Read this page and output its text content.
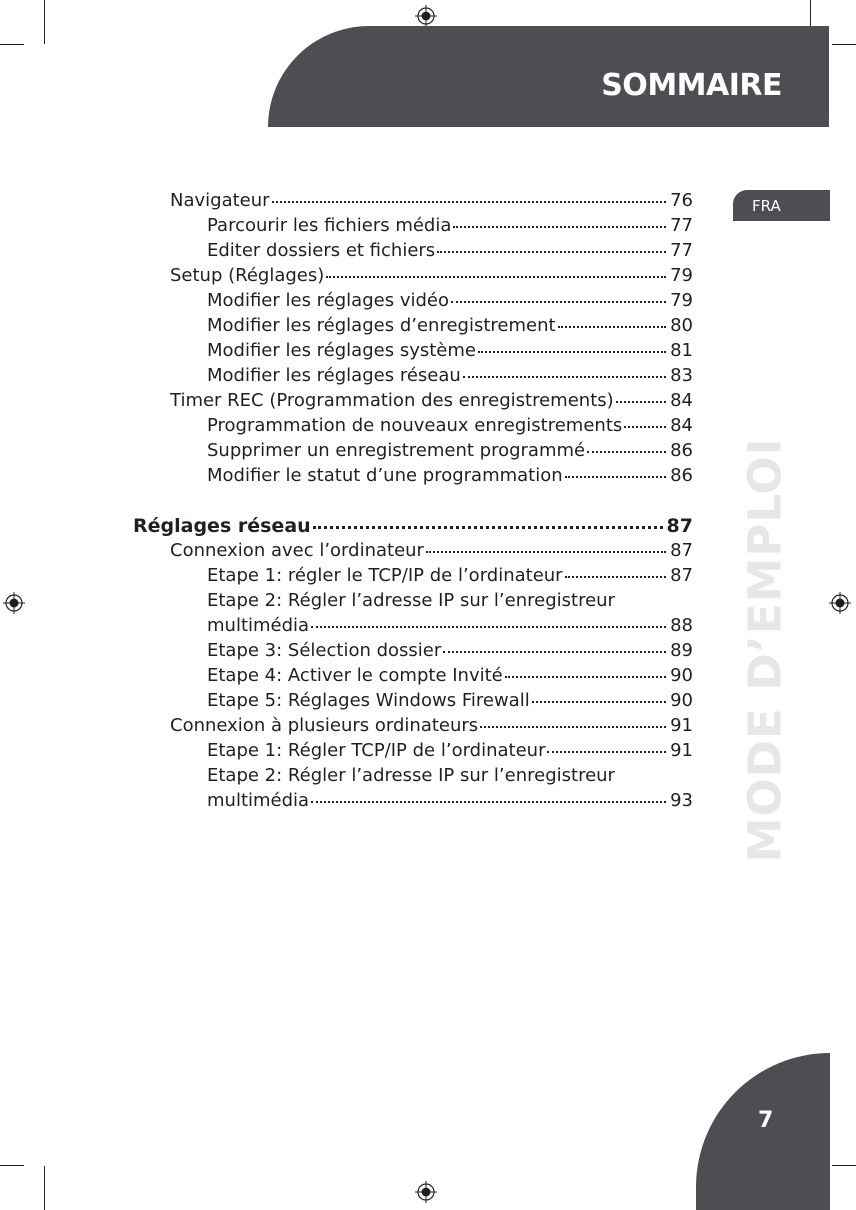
SOMMAIRE
FRA
MODE D’EMPLOI
Navigateur	76
Parcourir les fichiers média	77
Editer dossiers et fichiers	77
Setup (Réglages)	79
Modifier les réglages vidéo	79
Modifier les réglages d’enregistrement	80
Modifier les réglages système	81
Modifier les réglages réseau	83
Timer REC (Programmation des enregistrements)	84
Programmation de nouveaux enregistrements	84
Supprimer un enregistrement programmé	86
Modifier le statut d’une programmation	86
Réglages réseau	87
Connexion avec l’ordinateur	87
Etape 1: régler le TCP/IP de l’ordinateur	87
Etape 2: Régler l’adresse IP sur l’enregistreur
multimédia	88
Etape 3: Sélection dossier	89
Etape 4: Activer le compte Invité	90
Etape 5: Réglages Windows Firewall	90
Connexion à plusieurs ordinateurs	91
Etape 1: Régler TCP/IP de l’ordinateur	91
Etape 2: Régler l’adresse IP sur l’enregistreur
multimédia	93
7
